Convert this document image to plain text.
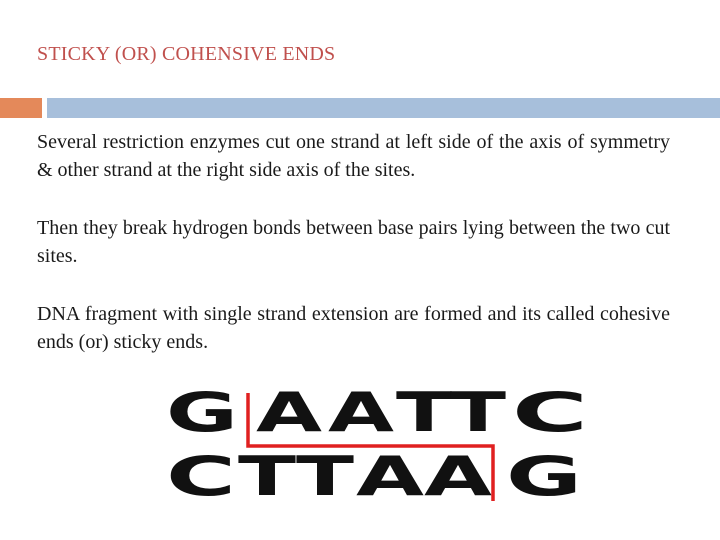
STICKY (OR) COHENSIVE ENDS

Several restriction enzymes cut one strand at left side of the axis of symmetry & other strand at the right side axis of the sites.

Then they break hydrogen bonds between base pairs lying between the two cut sites.

DNA fragment with single strand extension are formed and its called cohesive ends (or) sticky ends.

G A A T
T C
C T T A A G
